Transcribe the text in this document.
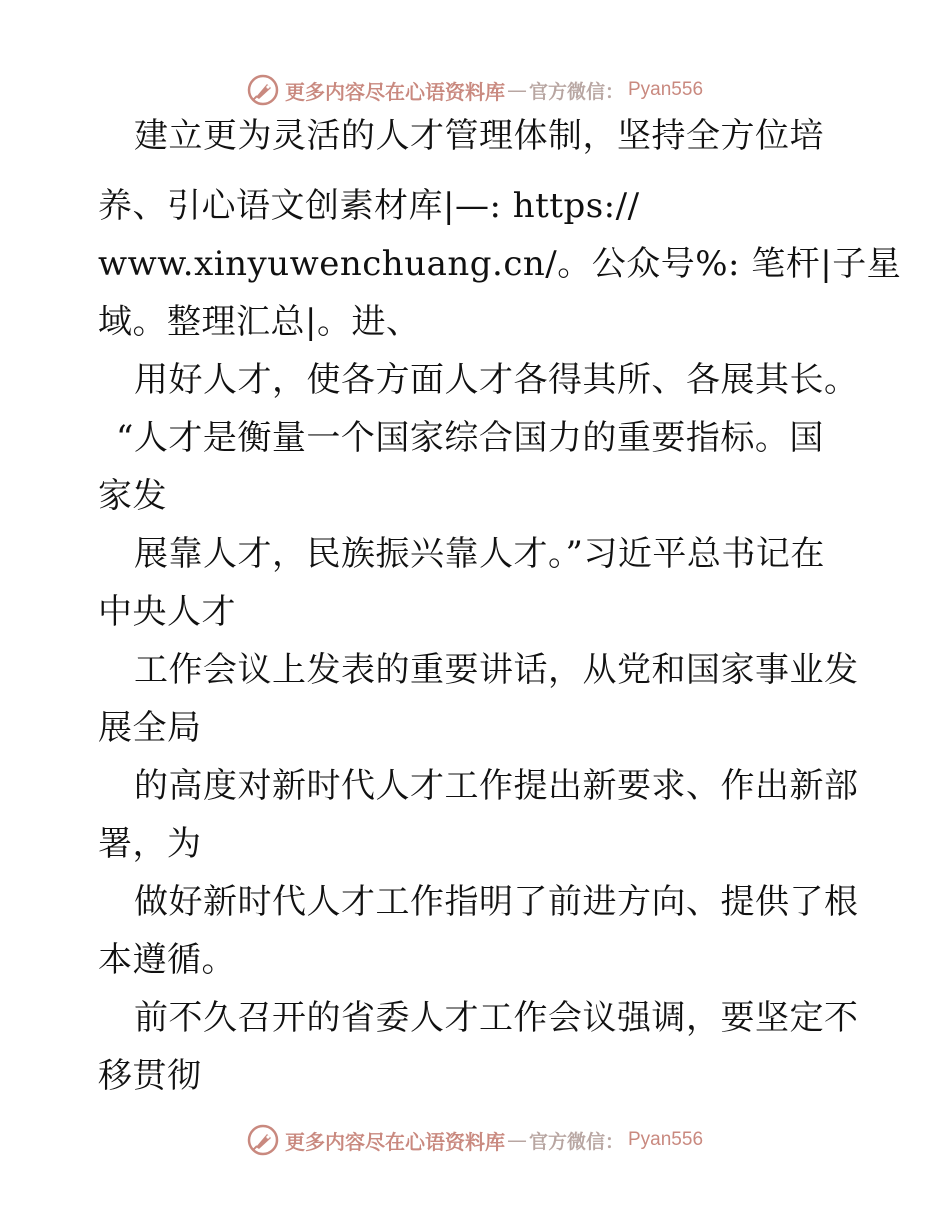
更多内容尽在心语资料库 — 官方微信： Pyan556
建立更为灵活的人才管理体制，坚持全方位培
养、引心语文创素材库|—: https://
www.xinyuwenchuang.cn/。公众号%: 笔杆|子星
域。整理汇总|。进、
用好人才，使各方面人才各得其所、各展其长。
“人才是衡量一个国家综合国力的重要指标。国
家发
展靠人才，民族振兴靠人才。”习近平总书记在
中央人才
工作会议上发表的重要讲话，从党和国家事业发
展全局
的高度对新时代人才工作提出新要求、作出新部
署，为
做好新时代人才工作指明了前进方向、提供了根
本遵循。
前不久召开的省委人才工作会议强调，要坚定不
移贯彻
更多内容尽在心语资料库 — 官方微信： Pyan556
